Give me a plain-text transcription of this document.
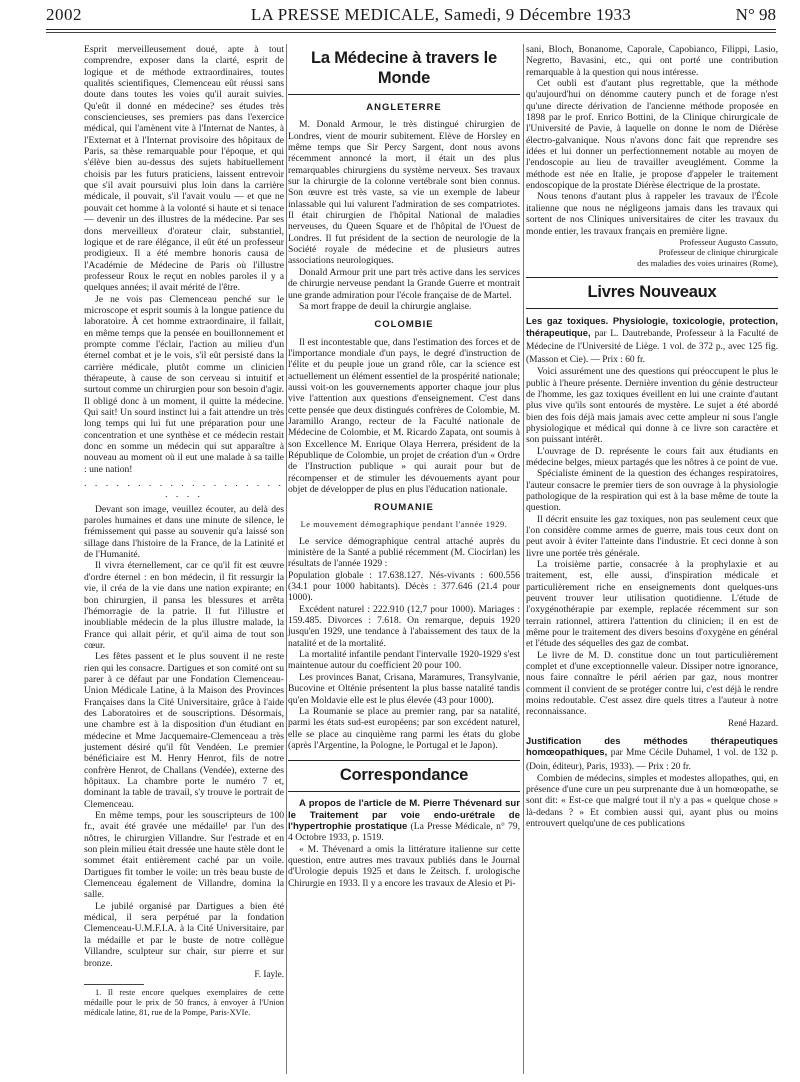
2002	LA PRESSE MEDICALE, Samedi, 9 Décembre 1933	N° 98

Esprit merveilleusement doué, apte à tout comprendre, exposer dans la clarté, esprit de logique et de méthode extraordinaires, toutes qualités scientifiques, Clemenceau eût réussi sans doute dans toutes les voies qu'il aurait suivies. Qu'eût il donné en médecine? ses études très consciencieuses, ses premiers pas dans l'exercice médical, qui l'amènent vite à l'Internat de Nantes, à l'Externat et à l'Internat provisoire des hôpitaux de Paris, sa thèse remarquable pour l'époque, et qui s'élève bien au-dessus des sujets habituellement choisis par les futurs praticiens, laissent entrevoir que s'il avait poursuivi plus loin dans la carrière médicale, il pouvait, s'il l'avait voulu — et que ne pouvait cet homme à la volonté si haute et si tenace — devenir un des illustres de la médecine. Par ses dons merveilleux d'orateur clair, substantiel, logique et de rare élégance, il eût été un professeur prodigieux. Il a été membre honoris causa de l'Académie de Médecine de Paris où l'illustre professeur Roux le reçut en nobles paroles il y a quelques années; il avait mérité de l'être.

Je ne vois pas Clemenceau penché sur le microscope et esprit soumis à la longue patience du laboratoire. À cet homme extraordinaire, il fallait, en même temps que la pensée en bouillonnement et prompte comme l'éclair, l'action au milieu d'un éternel combat et je le vois, s'il eût persisté dans la carrière médicale, plutôt comme un clinicien thérapeute, à cause de son cerveau si intuitif et surtout comme un chirurgien pour son besoin d'agir. Il obligé donc à un moment, il quitte la médecine. Qui sait! Un sourd instinct lui a fait attendre un très long temps qui lui fut une préparation pour une concentration et une synthèse et ce médecin restait donc en somme un médecin qui sut apparaître à nouveau au moment où il eut une malade à sa taille : une nation!

. . . . . . . . . . . . . . . . . . . . . . .

Devant son image, veuillez écouter, au delà des paroles humaines et dans une minute de silence, le frémissement qui passe au souvenir qu'a laissé son sillage dans l'histoire de la France, de la Latinité et de l'Humanité.

Il vivra éternellement, car ce qu'il fit est œuvre d'ordre éternel : en bon médecin, il fit ressurgir la vie, il créa de la vie dans une nation expirante; en bon chirurgien, il pansa les blessures et arrêta l'hémorragie de la patrie. Il fut l'illustre et inoubliable médecin de la plus illustre malade, la France qui allait périr, et qu'il aima de tout son cœur.

Les fêtes passent et le plus souvent il ne reste rien qui les consacre. Dartigues et son comité ont su parer à ce défaut par une Fondation Clemenceau-Union Médicale Latine, à la Maison des Provinces Françaises dans la Cité Universitaire, grâce à l'aide des Laboratoires et de souscriptions. Désormais, une chambre est à la disposition d'un étudiant en médecine et Mme Jacquemaire-Clemenceau a très justement désiré qu'il fût Vendéen. Le premier bénéficiaire est M. Henry Henrot, fils de notre confrère Henrot, de Challans (Vendée), externe des hôpitaux. La chambre porte le numéro 7 et, dominant la table de travail, s'y trouve le portrait de Clemenceau.

En même temps, pour les souscripteurs de 100 fr., avait été gravée une médaille¹ par l'un des nôtres, le chirurgien Villandre. Sur l'estrade et en son plein milieu était dressée une haute stèle dont le sommet était entièrement caché par un voile. Dartigues fit tomber le voile: un très beau buste de Clemenceau également de Villandre, domina la salle.

Le jubilé organisé par Dartigues a bien été médical, il sera perpétué par la fondation Clemenceau-U.M.F.I.A. à la Cité Universitaire, par la médaille et par le buste de notre collègue Villandre, sculpteur sur chair, sur pierre et sur bronze.

F. Iayle.

1. Il reste encore quelques exemplaires de cette médaille pour le prix de 50 francs, à envoyer à l'Union médicale latine, 81, rue de la Pompe, Paris-XVIe.

La Médecine à travers le Monde
ANGLETERRE

M. Donald Armour, le très distingué chirurgien de Londres, vient de mourir subitement. Elève de Horsley en même temps que Sir Percy Sargent, dont nous avons récemment annoncé la mort, il était un des plus remarquables chirurgiens du système nerveux. Ses travaux sur la chirurgie de la colonne vertébrale sont bien connus. Son œuvre est très vaste, sa vie un exemple de labeur inlassable qui lui valurent l'admiration de ses compatriotes. Il était chirurgien de l'hôpital National de maladies nerveuses, du Queen Square et de l'hôpital de l'Ouest de Londres. Il fut président de la section de neurologie de la Société royale de médecine et de plusieurs autres associations neurologiques.

Donald Armour prit une part très active dans les services de chirurgie nerveuse pendant la Grande Guerre et montrait une grande admiration pour l'école française de de Martel.

Sa mort frappe de deuil la chirurgie anglaise.

COLOMBIE

Il est incontestable que, dans l'estimation des forces et de l'importance mondiale d'un pays, le degré d'instruction de l'élite et du peuple joue un grand rôle, car la science est actuellement un élément essentiel de la prospérité nationale; aussi voit-on les gouvernements apporter chaque jour plus vive l'attention aux questions d'enseignement. C'est dans cette pensée que deux distingués confrères de Colombie, M. Jaramillo Arango, recteur de la Faculté nationale de Médecine de Colombie, et M. Ricardo Zapata, ont soumis à son Excellence M. Enrique Olaya Herrera, président de la République de Colombie, un projet de création d'un « Ordre de l'Instruction publique » qui aurait pour but de récompenser et de stimuler les dévouements ayant pour objet de développer de plus en plus l'éducation nationale.

ROUMANIE
Le mouvement démographique pendant l'année 1929.

Le service démographique central attaché auprès du ministère de la Santé a publié récemment (M. Ciocirlan) les résultats de l'année 1929 :

Population globale : 17.638.127. Nés-vivants : 600.556 (34.1 pour 1000 habitants). Décès : 377.646 (21.4 pour 1000).

Excédent naturel : 222.910 (12,7 pour 1000). Mariages : 159.485. Divorces : 7.618. On remarque, depuis 1920 jusqu'en 1929, une tendance à l'abaissement des taux de la natalité et de la mortalité.

La mortalité infantile pendant l'intervalle 1920-1929 s'est maintenue autour du coefficient 20 pour 100.

Les provinces Banat, Crisana, Maramures, Transylvanie, Bucovine et Olténie présentent la plus basse natalité tandis qu'en Moldavie elle est le plus élevée (43 pour 1000).

La Roumanie se place au premier rang, par sa natalité, parmi les états sud-est européens; par son excédent naturel, elle se place au cinquième rang parmi les états du globe (après l'Argentine, la Pologne, le Portugal et le Japon).

Correspondance

A propos de l'article de M. Pierre Thévenard sur le Traitement par voie endo-urétrale de l'hypertrophie prostatique (La Presse Médicale, n° 79, 4 Octobre 1933, p. 1519.

« M. Thévenard a omis la littérature italienne sur cette question, entre autres mes travaux publiés dans le Journal d'Urologie depuis 1925 et dans le Zeitsch. f. urologische Chirurgie en 1933. Il y a encore les travaux de Alesio et Pi-

sani, Bloch, Bonanome, Caporale, Capobianco, Filippi, Lasio, Negretto, Bavasini, etc., qui ont porté une contribution remarquable à la question qui nous intéresse.

Cet oubli est d'autant plus regrettable, que la méthode qu'aujourd'hui on dénomme cautery punch et de forage n'est qu'une directe dérivation de l'ancienne méthode proposée en 1898 par le prof. Enrico Bottini, de la Clinique chirurgicale de l'Université de Pavie, à laquelle on donne le nom de Diérèse électro-galvanique. Nous n'avons donc fait que reprendre ses idées et lui donner un perfectionnement notable au moyen de l'endoscopie au lieu de travailler aveuglément. Comme la méthode est née en Italie, je propose d'appeler le traitement endoscopique de la prostate Diérèse électrique de la prostate.

Nous tenons d'autant plus à rappeler les travaux de l'École italienne que nous ne négligeons jamais dans les travaux qui sortent de nos Cliniques universitaires de citer les travaux du monde entier, les travaux français en première ligne.

Professeur Augusto Cassuto,
Professeur de clinique chirurgicale
des maladies des voies urinaires (Rome),
Livres Nouveaux

Les gaz toxiques. Physiologie, toxicologie, protection, thérapeutique, par L. Dautrebande, Professeur à la Faculté de Médecine de l'Université de Liège. 1 vol. de 372 p., avec 125 fig. (Masson et Cie). — Prix : 60 fr.

Voici assurément une des questions qui préoccupent le plus le public à l'heure présente. Dernière invention du génie destructeur de l'homme, les gaz toxiques éveillent en lui une crainte d'autant plus vive qu'ils sont entourés de mystère. Le sujet a été abordé bien des fois déjà mais jamais avec cette ampleur ni sous l'angle physiologique et médical qui donne à ce livre son caractère et son puissant intérêt.

L'ouvrage de D. représente le cours fait aux étudiants en médecine belges, mieux partagés que les nôtres à ce point de vue.

Spécialiste éminent de la question des échanges respiratoires, l'auteur consacre le premier tiers de son ouvrage à la physiologie pathologique de la respiration qui est à la base même de toute la question.

Il décrit ensuite les gaz toxiques, non pas seulement ceux que l'on considère comme armes de guerre, mais tous ceux dont on peut avoir à éviter l'atteinte dans l'industrie. Et ceci donne à son livre une portée très générale.

La troisième partie, consacrée à la prophylaxie et au traitement, est, elle aussi, d'inspiration médicale et particulièrement riche en enseignements dont quelques-uns peuvent trouver leur utilisation quotidienne. L'étude de l'oxygénothérapie par exemple, replacée récemment sur son terrain rationnel, attirera l'attention du clinicien; il en est de même pour le traitement des divers besoins d'oxygène en général et l'étude des séquelles des gaz de combat.

Le livre de M. D. constitue donc un tout particulièrement complet et d'une exceptionnelle valeur. Dissiper notre ignorance, nous faire connaître le péril aérien par gaz, nous montrer comment il convient de se protéger contre lui, c'est déjà le rendre moins redoutable. C'est assez dire quels titres a l'auteur à notre reconnaissance.

René Hazard.

Justification des méthodes thérapeutiques homœopathiques, par Mme Cécile Duhamel, 1 vol. de 132 p. (Doin, éditeur), Paris, 1933). — Prix : 20 fr.

Combien de médecins, simples et modestes allopathes, qui, en présence d'une cure un peu surprenante due à un homœopathe, se sont dit: « Est-ce que malgré tout il n'y a pas « quelque chose » là-dedans ? » Et combien aussi qui, ayant plus ou moins entrouvert quelqu'une de ces publications
